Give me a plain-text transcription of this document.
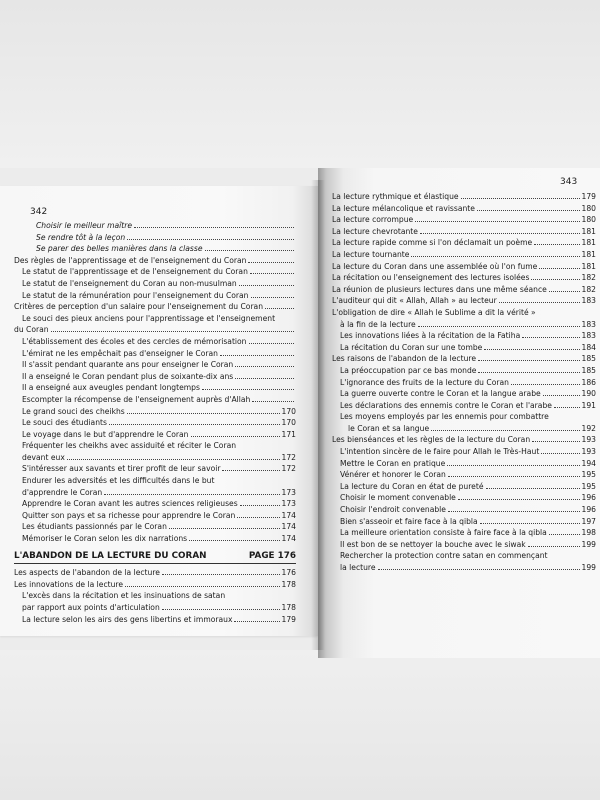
342
343
Choisir le meilleur maître
Se rendre tôt à la leçon
Se parer des belles manières dans la classe
Des règles de l'apprentissage et de l'enseignement du Coran
Le statut de l'apprentissage et de l'enseignement du Coran
Le statut de l'enseignement du Coran au non-musulman
Le statut de la rémunération pour l'enseignement du Coran
Critères de perception d'un salaire pour l'enseignement du Coran
Le souci des pieux anciens pour l'apprentissage et l'enseignement
du Coran
L'établissement des écoles et des cercles de mémorisation
L'émirat ne les empêchait pas d'enseigner le Coran
Il s'assit pendant quarante ans pour enseigner le Coran
Il a enseigné le Coran pendant plus de soixante-dix ans
Il a enseigné aux aveugles pendant longtemps
Escompter la récompense de l'enseignement auprès d'Allah
Le grand souci des cheikhs	170
Le souci des étudiants	170
Le voyage dans le but d'apprendre le Coran	171
Fréquenter les cheikhs avec assiduité et réciter le Coran
devant eux	172
S'intéresser aux savants et tirer profit de leur savoir	172
Endurer les adversités et les difficultés dans le but
d'apprendre le Coran	173
Apprendre le Coran avant les autres sciences religieuses	173
Quitter son pays et sa richesse pour apprendre le Coran	174
Les étudiants passionnés par le Coran	174
Mémoriser le Coran selon les dix narrations	174
L'ABANDON DE LA LECTURE DU CORAN	PAGE 176
Les aspects de l'abandon de la lecture	176
Les innovations de la lecture	178
L'excès dans la récitation et les insinuations de satan
par rapport aux points d'articulation	178
La lecture selon les airs des gens libertins et immoraux	179
La lecture rythmique et élastique	179
La lecture mélancolique et ravissante	180
La lecture corrompue	180
La lecture chevrotante	181
La lecture rapide comme si l'on déclamait un poème	181
La lecture tournante	181
La lecture du Coran dans une assemblée où l'on fume	181
La récitation ou l'enseignement des lectures isolées	182
La réunion de plusieurs lectures dans une même séance	182
L'auditeur qui dit « Allah, Allah » au lecteur	183
L'obligation de dire « Allah le Sublime a dit la vérité »
à la fin de la lecture	183
Les innovations liées à la récitation de la Fatiha	183
La récitation du Coran sur une tombe	184
Les raisons de l'abandon de la lecture	185
La préoccupation par ce bas monde	185
L'ignorance des fruits de la lecture du Coran	186
La guerre ouverte contre le Coran et la langue arabe	190
Les déclarations des ennemis contre le Coran et l'arabe	191
Les moyens employés par les ennemis pour combattre
le Coran et sa langue	192
Les bienséances et les règles de la lecture du Coran	193
L'intention sincère de le faire pour Allah le Très-Haut	193
Mettre le Coran en pratique	194
Vénérer et honorer le Coran	195
La lecture du Coran en état de pureté	195
Choisir le moment convenable	196
Choisir l'endroit convenable	196
Bien s'asseoir et faire face à la qibla	197
La meilleure orientation consiste à faire face à la qibla	198
Il est bon de se nettoyer la bouche avec le siwak	199
Rechercher la protection contre satan en commençant
la lecture	199
